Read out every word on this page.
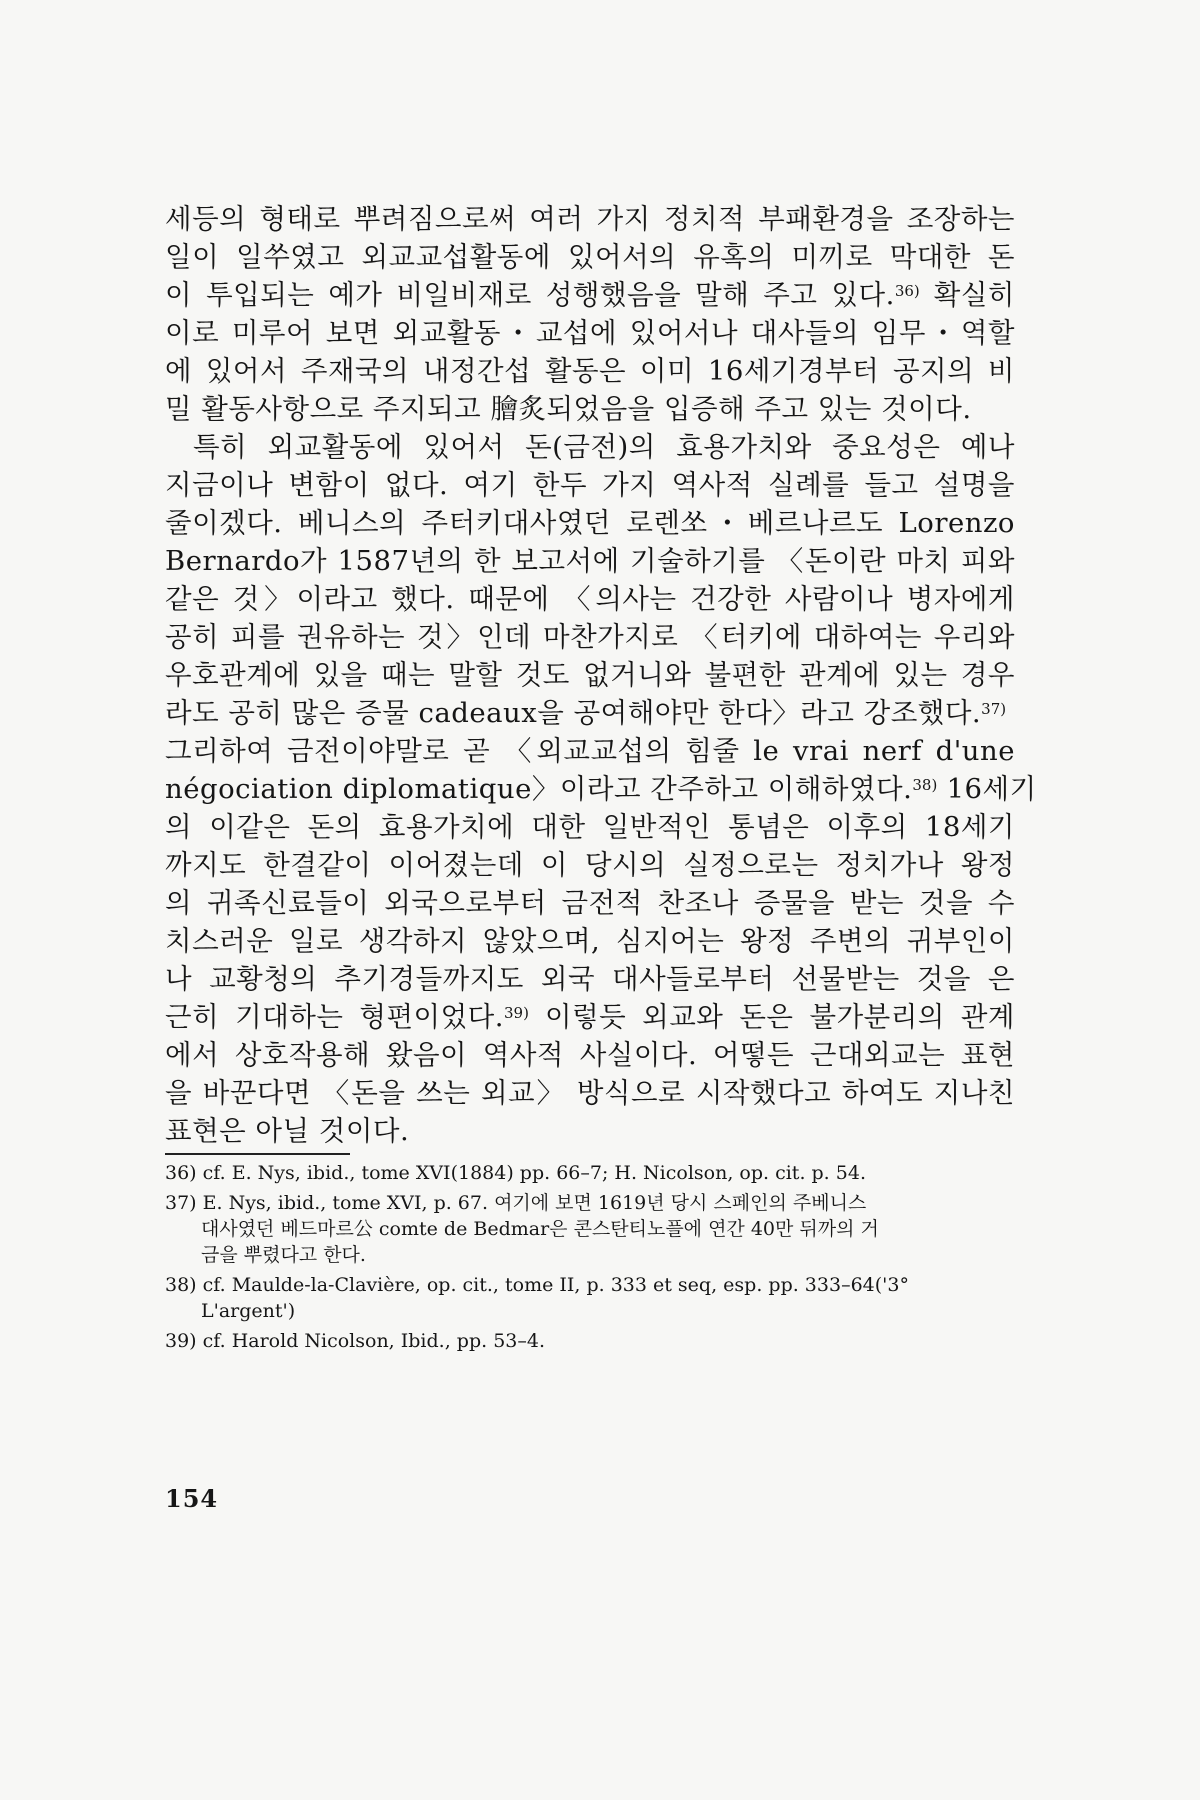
세등의 형태로 뿌려짐으로써 여러 가지 정치적 부패환경을 조장하는
일이 일쑤였고 외교교섭활동에 있어서의 유혹의 미끼로 막대한 돈
이 투입되는 예가 비일비재로 성행했음을 말해 주고 있다.$^{36)}$ 확실히
이로 미루어 보면 외교활동・교섭에 있어서나 대사들의 임무・역할
에 있어서 주재국의 내정간섭 활동은 이미 16세기경부터 공지의 비
밀 활동사항으로 주지되고 膾炙되었음을 입증해 주고 있는 것이다.
특히 외교활동에 있어서 돈(금전)의 효용가치와 중요성은 예나
지금이나 변함이 없다. 여기 한두 가지 역사적 실례를 들고 설명을
줄이겠다. 베니스의 주터키대사였던 로렌쏘・베르나르도 Lorenzo
Bernardo가 1587년의 한 보고서에 기술하기를 〈돈이란 마치 피와
같은 것〉이라고 했다. 때문에 〈의사는 건강한 사람이나 병자에게
공히 피를 권유하는 것〉인데 마찬가지로 〈터키에 대하여는 우리와
우호관계에 있을 때는 말할 것도 없거니와 불편한 관계에 있는 경우
라도 공히 많은 증물 cadeaux을 공여해야만 한다〉라고 강조했다.$^{37)}$
그리하여 금전이야말로 곧 〈외교교섭의 힘줄 le vrai nerf d'une
négociation diplomatique〉이라고 간주하고 이해하였다.$^{38)}$ 16세기
의 이같은 돈의 효용가치에 대한 일반적인 통념은 이후의 18세기
까지도 한결같이 이어졌는데 이 당시의 실정으로는 정치가나 왕정
의 귀족신료들이 외국으로부터 금전적 찬조나 증물을 받는 것을 수
치스러운 일로 생각하지 않았으며, 심지어는 왕정 주변의 귀부인이
나 교황청의 추기경들까지도 외국 대사들로부터 선물받는 것을 은
근히 기대하는 형편이었다.$^{39)}$ 이렇듯 외교와 돈은 불가분리의 관계
에서 상호작용해 왔음이 역사적 사실이다. 어떻든 근대외교는 표현
을 바꾼다면 〈돈을 쓰는 외교〉 방식으로 시작했다고 하여도 지나친
표현은 아닐 것이다.
36) cf. E. Nys, ibid., tome XVI(1884) pp. 66–7; H. Nicolson, op. cit. p. 54.
37) E. Nys, ibid., tome XVI, p. 67. 여기에 보면 1619년 당시 스페인의 주베니스
대사였던 베드마르公 comte de Bedmar은 콘스탄티노플에 연간 40만 뒤까의 거
금을 뿌렸다고 한다.
38) cf. Maulde-la-Clavière, op. cit., tome II, p. 333 et seq, esp. pp. 333–64('3°
L'argent')
39) cf. Harold Nicolson, Ibid., pp. 53–4.
154
